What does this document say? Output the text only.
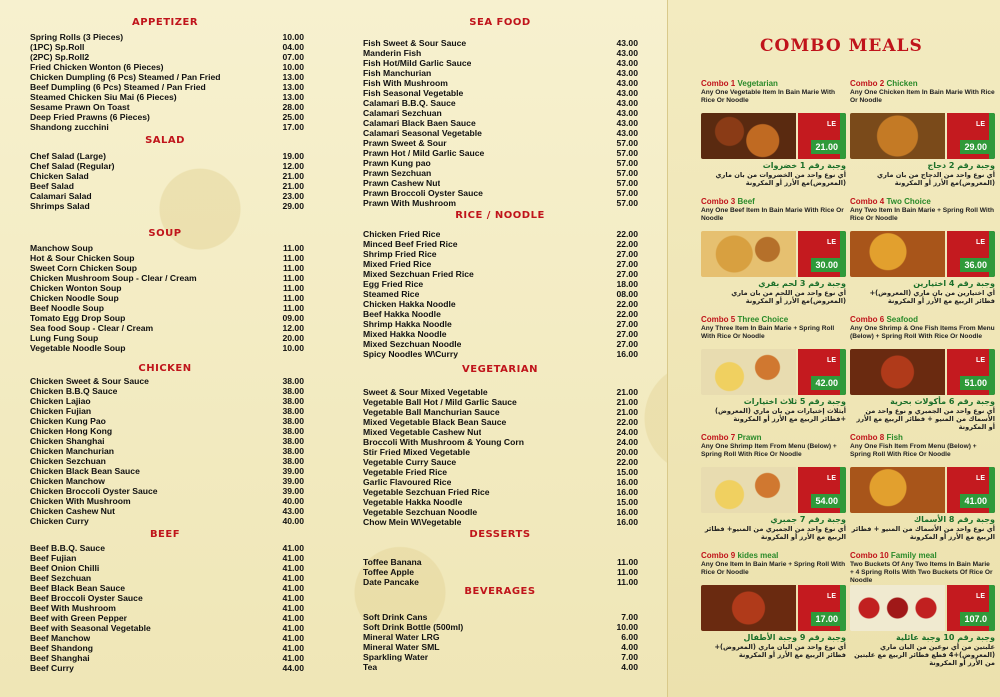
​
APPETIZER
Spring Rolls (3 Pieces)	10.00
(1PC) Sp.Roll	04.00
(2PC) Sp.Roll2	07.00
Fried Chicken Wonton (6 Pieces)	10.00
Chicken Dumpling (6 Pcs) Steamed / Pan Fried	13.00
Beef Dumpling (6 Pcs) Steamed / Pan Fried	13.00
Steamed Chicken Siu Mai (6 Pieces)	13.00
Sesame Prawn On Toast	28.00
Deep Fried Prawns (6 Pieces)	25.00
Shandong zucchini	17.00
SALAD
Chef Salad (Large)	19.00
Chef Salad (Regular)	12.00
Chicken Salad	21.00
Beef Salad	21.00
Calamari Salad	23.00
Shrimps Salad	29.00
SOUP
Manchow Soup	11.00
Hot & Sour Chicken Soup	11.00
Sweet Corn Chicken Soup	11.00
Chicken Mushroom Soup - Clear / Cream	11.00
Chicken Wonton Soup	11.00
Chicken Noodle Soup	11.00
Beef Noodle Soup	11.00
Tomato Egg Drop Soup	09.00
Sea food Soup - Clear / Cream	12.00
Lung Fung Soup	20.00
Vegetable Noodle Soup	10.00
CHICKEN
Chicken Sweet & Sour Sauce	38.00
Chicken B.B.Q Sauce	38.00
Chicken Lajiao	38.00
Chicken Fujian	38.00
Chicken Kung Pao	38.00
Chicken Hong Kong	38.00
Chicken Shanghai	38.00
Chicken Manchurian	38.00
Chicken Sezchuan	38.00
Chicken Black Bean Sauce	39.00
Chicken Manchow	39.00
Chicken Broccoli Oyster Sauce	39.00
Chicken With Mushroom	40.00
Chicken Cashew Nut	43.00
Chicken Curry	40.00
BEEF
Beef B.B.Q. Sauce	41.00
Beef Fujian	41.00
Beef Onion Chilli	41.00
Beef Sezchuan	41.00
Beef Black Bean Sauce	41.00
Beef Broccoli Oyster Sauce	41.00
Beef With Mushroom	41.00
Beef with Green Pepper	41.00
Beef with Seasonal Vegetable	41.00
Beef Manchow	41.00
Beef Shandong	41.00
Beef Shanghai	41.00
Beef Curry	44.00
SEA FOOD
Fish Sweet & Sour Sauce	43.00
Manderin Fish	43.00
Fish Hot/Mild Garlic Sauce	43.00
Fish Manchurian	43.00
Fish With Mushroom	43.00
Fish Seasonal Vegetable	43.00
Calamari B.B.Q. Sauce	43.00
Calamari Sezchuan	43.00
Calamari Black Baen Sauce	43.00
Calamari Seasonal Vegetable	43.00
Prawn Sweet & Sour	57.00
Prawn Hot / Mild Garlic Sauce	57.00
Prawn Kung pao	57.00
Prawn Sezchuan	57.00
Prawn Cashew Nut	57.00
Prawn Broccoli Oyster Sauce	57.00
Prawn With Mushroom	57.00
RICE / NOODLE
Chicken Fried Rice	22.00
Minced Beef Fried Rice	22.00
Shrimp Fried Rice	27.00
Mixed Fried Rice	27.00
Mixed Sezchuan Fried Rice	27.00
Egg Fried Rice	18.00
Steamed Rice	08.00
Chicken Hakka Noodle	22.00
Beef Hakka Noodle	22.00
Shrimp Hakka Noodle	27.00
Mixed Hakka Noodle	27.00
Mixed Sezchuan Noodle	27.00
Spicy Noodles W\Curry	16.00
VEGETARIAN
Sweet & Sour Mixed Vegetable	21.00
Vegetable Ball Hot / Mild Garlic Sauce	21.00
Vegetable Ball Manchurian Sauce	21.00
Mixed Vegetable Black Bean Sauce	22.00
Mixed Vegetable Cashew Nut	24.00
Broccoli With Mushroom & Young Corn	24.00
Stir Fried Mixed Vegetable	20.00
Vegetable Curry Sauce	22.00
Vegetable Fried Rice	15.00
Garlic Flavoured Rice	16.00
Vegetable Sezchuan Fried Rice	16.00
Vegetable Hakka Noodle	15.00
Vegetable Sezchuan Noodle	16.00
Chow Mein W\Vegetable	16.00
DESSERTS
Toffee Banana	11.00
Toffee Apple	11.00
Date Pancake	11.00
BEVERAGES
Soft Drink Cans	7.00
Soft Drink Bottle (500ml)	10.00
Mineral Water LRG	6.00
Mineral Water SML	4.00
Sparkling Water	7.00
Tea	4.00
COMBO MEALS
Combo 1 Vegetarian
Any One Vegetable Item In Bain Marie With Rice Or Noodle
LE
21.00
وجبة رقم 1 خضروات
أي نوع واحد من الخضروات من بان ماري (المعروض)مع الأرز أو المكرونة
Combo 2 Chicken
Any One Chicken Item In Bain Marie With Rice Or Noodle
LE
29.00
وجبة رقم 2 دجاج
أي نوع واحد من الدجاج من بان ماري (المعروض)مع الأرز أو المكرونة
Combo 3 Beef
Any One Beef Item In Bain Marie With Rice Or Noodle
LE
30.00
وجبة رقم 3 لحم بقري
أي نوع واحد من اللحم من بان ماري (المعروض)مع الأرز أو المكرونة
Combo 4 Two Choice
Any Two Item In Bain Marie + Spring Roll With Rice Or Noodle
LE
36.00
وجبة رقم 4 اختيارين
أي اختيارين من بان ماري (المعروض)+ فطائر الربيع مع الأرز أو المكرونة
Combo 5 Three Choice
Any Three Item In Bain Marie + Spring Roll With Rice Or Noodle
LE
42.00
وجبة رقم 5 ثلاث اختيارات
أيثلاث إختيارات من بان ماري (المعروض) +فطائر الربيع مع الأرز أو المكرونة
Combo 6 Seafood
Any One Shrimp & One Fish Items From Menu (Below) + Spring Roll With Rice Or Noodle
LE
51.00
وجبة رقم 6 مأكولات بحرية
أي نوع واحد من الجمبري و نوع واحد من الأسماك من المنيو + فطائر الربيع مع الأرز أو المكرونة
Combo 7 Prawn
Any One Shrimp Item From Menu (Below) + Spring Roll With Rice Or Noodle
LE
54.00
وجبة رقم 7 جمبري
أي نوع واحد من الجمبري من المنيو+ فطائر الربيع مع الأرز أو المكرونة
Combo 8 Fish
Any One Fish Item From Menu (Below) + Spring Roll With Rice Or Noodle
LE
41.00
وجبة رقم 8 الأسماك
أي نوع واحد من الأسماك من المنيو + فطائر الربيع مع الأرز أو المكرونة
Combo 9 kides meal
Any One Item In Bain Marie + Spring Roll With Rice Or Noodle
LE
17.00
وجبة رقم 9 وجبة الأطفال
أي نوع واحد من البان ماري (المعروض)+ فطائر الربيع مع الأرز أو المكرونة
Combo 10 Family meal
Two Buckets Of Any Two Items In Bain Marie + 4 Spring Rolls With Two Buckets Of Rice Or Noodle
LE
107.0
وجبة رقم 10 وجبة عائلية
علبتين من أي نوعين من البان ماري (المعروض)+4 قطع فطائر الربيع مع علبتين من الأرز أو المكرونة
